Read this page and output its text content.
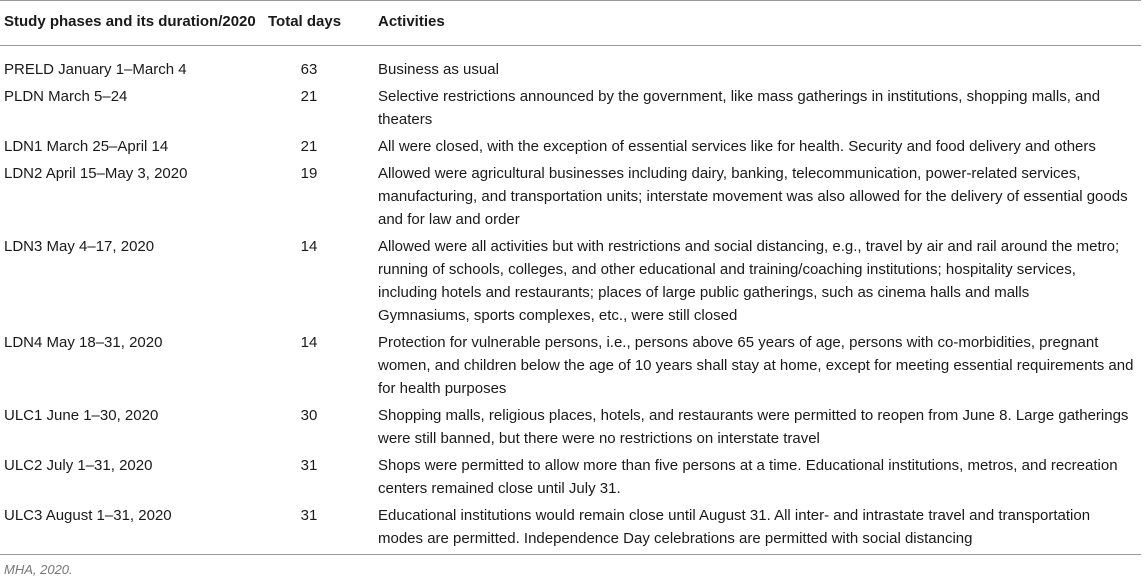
Study phases and its duration/2020	Total days	Activities
PRELD January 1–March 4	63	Business as usual
PLDN March 5–24	21	Selective restrictions announced by the government, like mass gatherings in institutions, shopping malls, and theaters
LDN1 March 25–April 14	21	All were closed, with the exception of essential services like for health. Security and food delivery and others
LDN2 April 15–May 3, 2020	19	Allowed were agricultural businesses including dairy, banking, telecommunication, power-related services, manufacturing, and transportation units; interstate movement was also allowed for the delivery of essential goods and for law and order
LDN3 May 4–17, 2020	14	Allowed were all activities but with restrictions and social distancing, e.g., travel by air and rail around the metro; running of schools, colleges, and other educational and training/coaching institutions; hospitality services, including hotels and restaurants; places of large public gatherings, such as cinema halls and malls
Gymnasiums, sports complexes, etc., were still closed
LDN4 May 18–31, 2020	14	Protection for vulnerable persons, i.e., persons above 65 years of age, persons with co-morbidities, pregnant women, and children below the age of 10 years shall stay at home, except for meeting essential requirements and for health purposes
ULC1 June 1–30, 2020	30	Shopping malls, religious places, hotels, and restaurants were permitted to reopen from June 8. Large gatherings were still banned, but there were no restrictions on interstate travel
ULC2 July 1–31, 2020	31	Shops were permitted to allow more than five persons at a time. Educational institutions, metros, and recreation centers remained close until July 31.
ULC3 August 1–31, 2020	31	Educational institutions would remain close until August 31. All inter- and intrastate travel and transportation modes are permitted. Independence Day celebrations are permitted with social distancing
MHA, 2020.
